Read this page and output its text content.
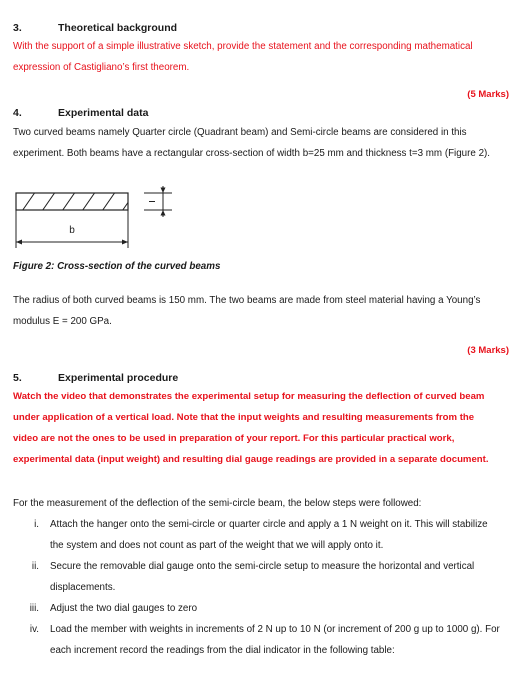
3.	Theoretical background
With the support of a simple illustrative sketch, provide the statement and the corresponding mathematical
expression of Castigliano’s first theorem.
(5 Marks)
4.	Experimental data
Two curved beams namely Quarter circle (Quadrant beam) and Semi-circle beams are considered in this
experiment. Both beams have a rectangular cross-section of width b=25 mm and thickness t=3 mm (Figure 2).
b
Figure 2: Cross-section of the curved beams
The radius of both curved beams is 150 mm. The two beams are made from steel material having a Young’s
modulus E = 200 GPa.
(3 Marks)
5.	Experimental procedure
Watch the video that demonstrates the experimental setup for measuring the deflection of curved beam
under application of a vertical load. Note that the input weights and resulting measurements from the
video are not the ones to be used in preparation of your report. For this particular practical work,
experimental data (input weight) and resulting dial gauge readings are provided in a separate document.
For the measurement of the deflection of the semi-circle beam, the below steps were followed:
i. Attach the hanger onto the semi-circle or quarter circle and apply a 1 N weight on it. This will stabilize
the system and does not count as part of the weight that we will apply onto it.
ii. Secure the removable dial gauge onto the semi-circle setup to measure the horizontal and vertical
displacements.
iii. Adjust the two dial gauges to zero
iv. Load the member with weights in increments of 2 N up to 10 N (or increment of 200 g up to 1000 g). For
each increment record the readings from the dial indicator in the following table:
